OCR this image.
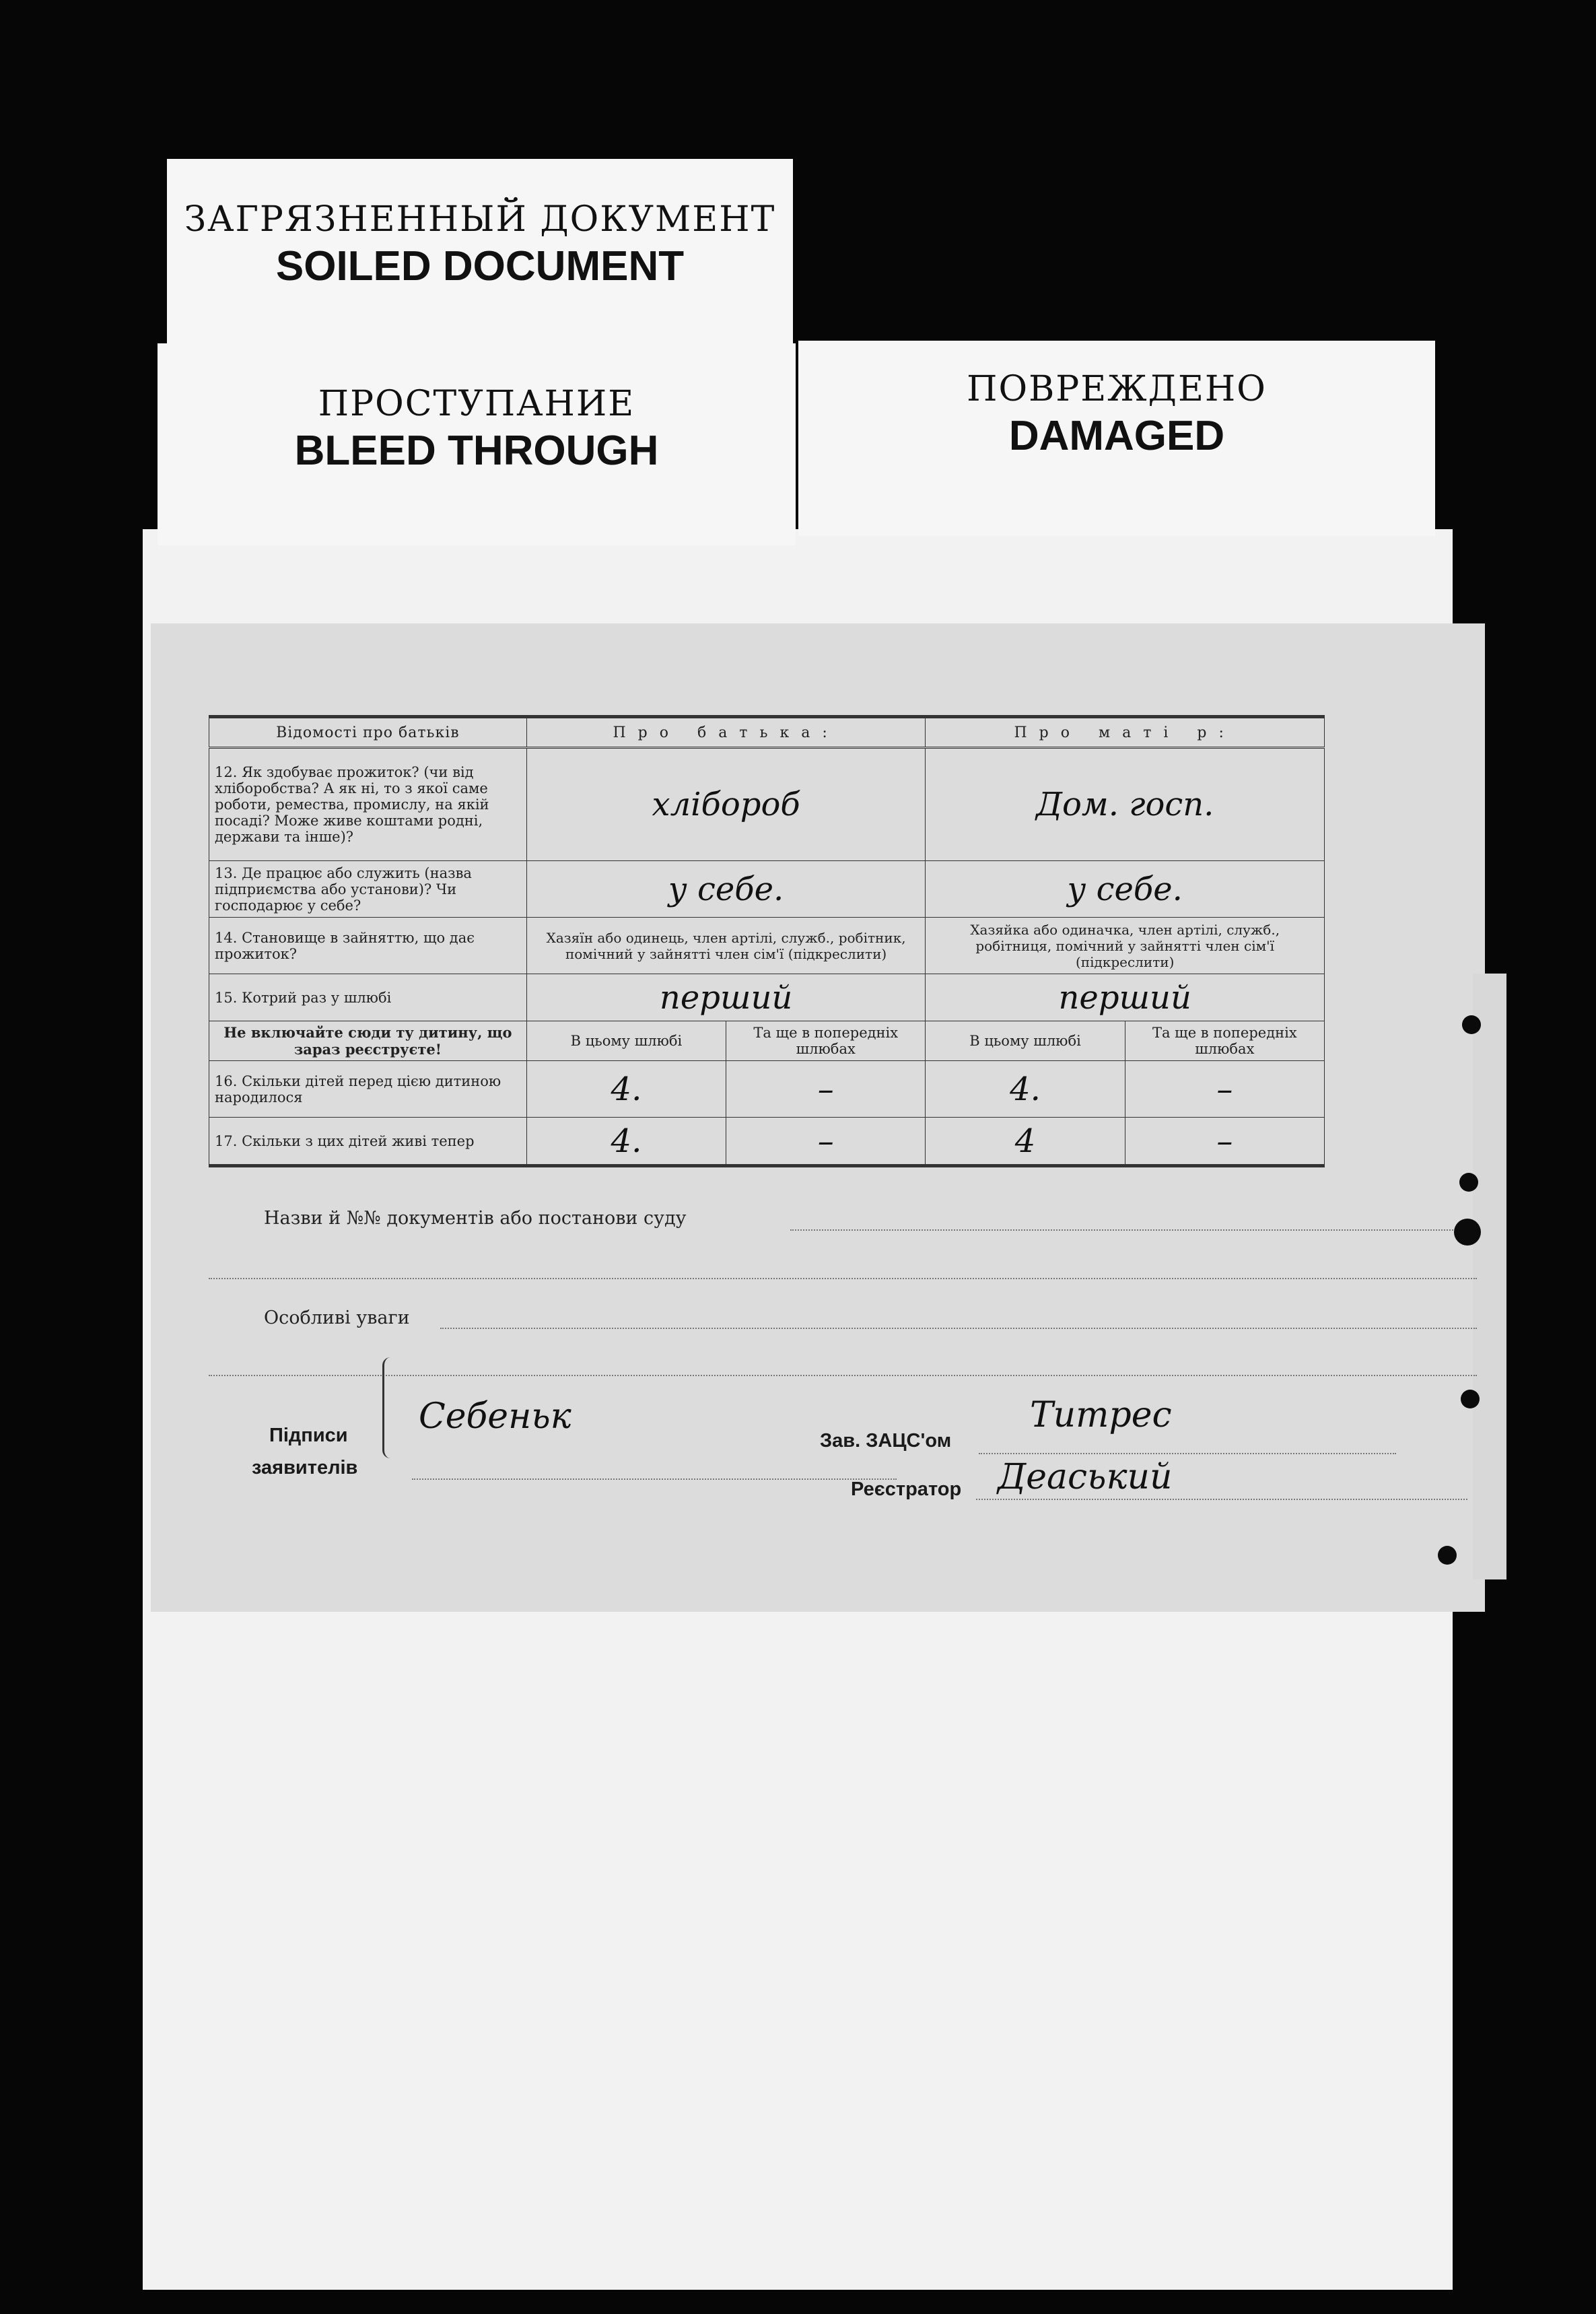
ЗАГРЯЗНЕННЫЙ ДОКУМЕНТ
SOILED DOCUMENT
ПРОСТУПАНИЕ
BLEED THROUGH
ПОВРЕЖДЕНО
DAMAGED
Відомості про батьків	Про батька:		Про маті р:	
12. Як здобуває прожиток? (чи від хліборобства? А як ні, то з якої саме роботи, ремества, промислу, на якій посаді? Може живе коштами родні, держави та інше)?	хлібороб		Дом. госп.	
13. Де працює або служить (назва підприємства або установи)? Чи господарює у себе?	у себе.		у себе.	
14. Становище в зайняттю, що дає прожиток?	Хазяїн або одинець, член артілі, служб., робітник, помічний у зайнятті член сім'ї (підкреслити)		Хазяйка або одиначка, член артілі, служб., робітниця, помічний у зайнятті член сім'ї (підкреслити)	
15. Котрий раз у шлюбі	перший		перший	
Не включайте сюди ту дитину, що зараз реєструєте!	В цьому шлюбі	Та ще в попередніх шлюбах	В цьому шлюбі	Та ще в попередніх шлюбах
16. Скільки дітей перед цією дитиною народилося	4.	–	4.	–
17. Скільки з цих дітей живі тепер	4.	–	4	–
Назви й №№ документів або постанови суду
Особливі уваги
Підписи
заявителів
Себеньк
Зав. ЗАЦС'ом
Титрес
Реєстратор Деаський
